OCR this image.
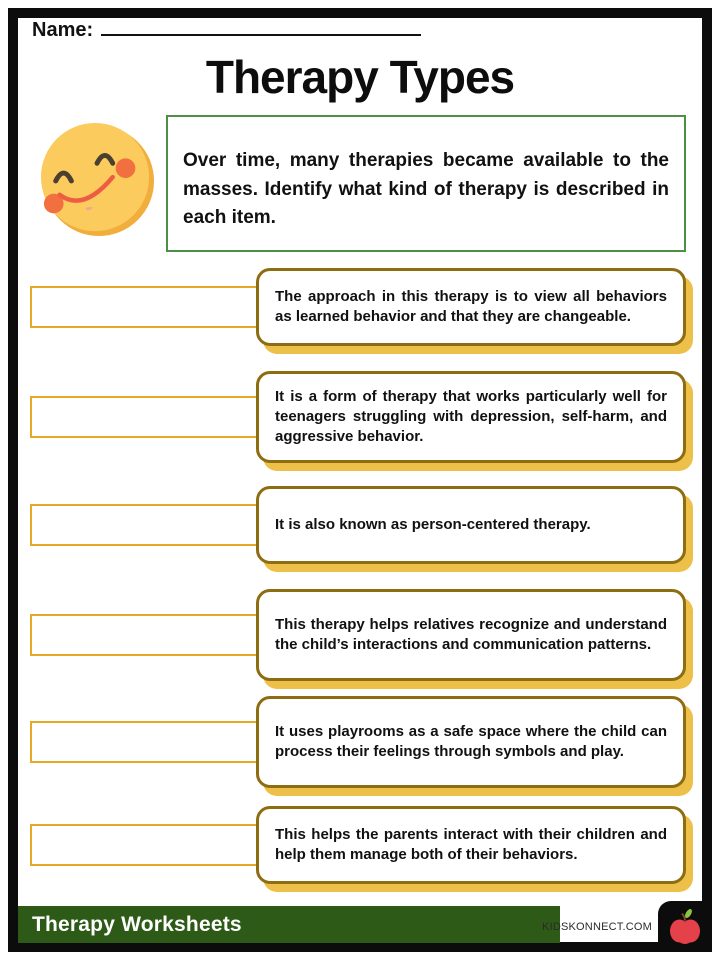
Name:
Therapy Types

Over time, many therapies became available to the masses. Identify what kind of therapy is described in each item.

The approach in this therapy is to view all behaviors as learned behavior and that they are changeable.

It is a form of therapy that works particularly well for teenagers struggling with depression, self-harm, and aggressive behavior.

It is also known as person-centered therapy.

This therapy helps relatives recognize and understand the child’s interactions and communication patterns.

It uses playrooms as a safe space where the child can process their feelings through symbols and play.

This helps the parents interact with their children and help them manage both of their behaviors.

Therapy Worksheets	KIDSKONNECT.COM
